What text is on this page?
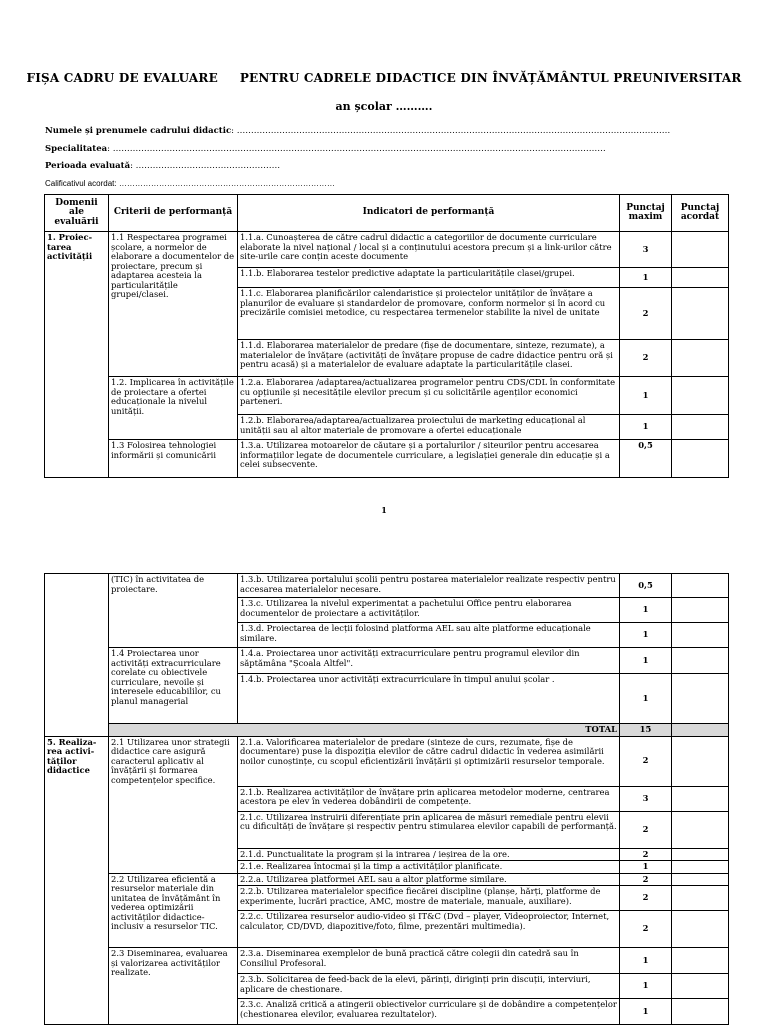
FIȘA CADRU DE EVALUARE PENTRU CADRELE DIDACTICE DIN ÎNVĂȚĂMÂNTUL PREUNIVERSITAR
an școlar ……….
Numele și prenumele cadrului didactic: ………………………………………………………………………………………………………………………………………
Specialitatea: …………………………………………………………………………………………………………………………………………………………
Perioada evaluată: ……………………………………………
Calificativul acordat: ………………………………………………………………………
Domenii ale evaluării	Criterii de performanță	Indicatori de performanță	Punctaj maxim	Punctaj acordat
1. Proiec-tarea activității	1.1 Respectarea programei școlare, a normelor de elaborare a documentelor de proiectare, precum și adaptarea acesteia la particularitățile grupei/clasei.	1.1.a. Cunoașterea de către cadrul didactic a categoriilor de documente curriculare elaborate la nivel național / local și a conținutului acestora precum și a link-urilor către site-urile care conțin aceste documente	3	
		1.1.b. Elaborarea testelor predictive adaptate la particularitățile clasei/grupei.	1	
		1.1.c. Elaborarea planificărilor calendaristice și proiectelor unităților de învățare a planurilor de evaluare și standardelor de promovare, conform normelor și în acord cu precizările comisiei metodice, cu respectarea termenelor stabilite la nivel de unitate	2	
		1.1.d. Elaborarea materialelor de predare (fișe de documentare, sinteze, rezumate), a materialelor de învățare (activități de învățare propuse de cadre didactice pentru oră și pentru acasă) și a materialelor de evaluare adaptate la particularitățile clasei.	2	
	1.2. Implicarea în activitățile de proiectare a ofertei educaționale la nivelul unității.	1.2.a. Elaborarea /adaptarea/actualizarea programelor pentru CDS/CDL în conformitate cu opțiunile și necesitățile elevilor precum și cu solicitările agenților economici parteneri.	1	
		1.2.b. Elaborarea/adaptarea/actualizarea proiectului de marketing educațional al unității sau al altor materiale de promovare a ofertei educaționale	1	
	1.3 Folosirea tehnologiei informării și comunicării	1.3.a. Utilizarea motoarelor de căutare și a portalurilor / siteurilor pentru accesarea informațiilor legate de documentele curriculare, a legislației generale din educație și a celei subsecvente.	0,5	
1
	(TIC) în activitatea de proiectare.	1.3.b. Utilizarea portalului școlii pentru postarea materialelor realizate respectiv pentru accesarea materialelor necesare.	0,5	
		1.3.c. Utilizarea la nivelul experimentat a pachetului Office pentru elaborarea documentelor de proiectare a activităților.	1	
		1.3.d. Proiectarea de lecții folosind platforma AEL sau alte platforme educaționale similare.	1	
	1.4 Proiectarea unor activități extracurriculare corelate cu obiectivele curriculare, nevoile și interesele educabililor, cu planul managerial	1.4.a. Proiectarea unor activități extracurriculare pentru programul elevilor din săptămâna "Școala Altfel".	1	
		1.4.b. Proiectarea unor activități extracurriculare în timpul anului școlar .	1	
	TOTAL		15	
5. Realiza-rea activi-tăților didactice	2.1 Utilizarea unor strategii didactice care asigură caracterul aplicativ al învățării și formarea competențelor specifice.	2.1.a. Valorificarea materialelor de predare (sinteze de curs, rezumate, fișe de documentare) puse la dispoziția elevilor de către cadrul didactic în vederea asimilării noilor cunoștințe, cu scopul eficientizării învățării și optimizării resurselor temporale.	2	
		2.1.b. Realizarea activităților de învățare prin aplicarea metodelor moderne, centrarea acestora pe elev în vederea dobândirii de competențe.	3	
		2.1.c. Utilizarea instruirii diferențiate prin aplicarea de măsuri remediale pentru elevii cu dificultăți de învățare și respectiv pentru stimularea elevilor capabili de performanță.	2	
		2.1.d. Punctualitate la program și la intrarea / ieșirea de la ore.	2	
		2.1.e. Realizarea întocmai și la timp a activităților planificate.	1	
	2.2 Utilizarea eficientă a resurselor materiale din unitatea de învățământ în vederea optimizării activităților didactice-inclusiv a resurselor TIC.	2.2.a. Utilizarea platformei AEL sau a altor platforme similare.	2	
		2.2.b. Utilizarea materialelor specifice fiecărei discipline (planșe, hărți, platforme de experimente, lucrări practice, AMC, mostre de materiale, manuale, auxiliare).	2	
		2.2.c. Utilizarea resurselor audio-video și IT&C (Dvd – player, Videoproiector, Internet, calculator, CD/DVD, diapozitive/foto, filme, prezentări multimedia).	2	
	2.3 Diseminarea, evaluarea și valorizarea activităților realizate.	2.3.a. Diseminarea exemplelor de bună practică către colegii din catedră sau în Consiliul Profesoral.	1	
		2.3.b. Solicitarea de feed-back de la elevi, părinți, diriginți prin discuții, interviuri, aplicare de chestionare.	1	
		2.3.c. Analiză critică a atingerii obiectivelor curriculare și de dobândire a competențelor (chestionarea elevilor, evaluarea rezultatelor).	1	
